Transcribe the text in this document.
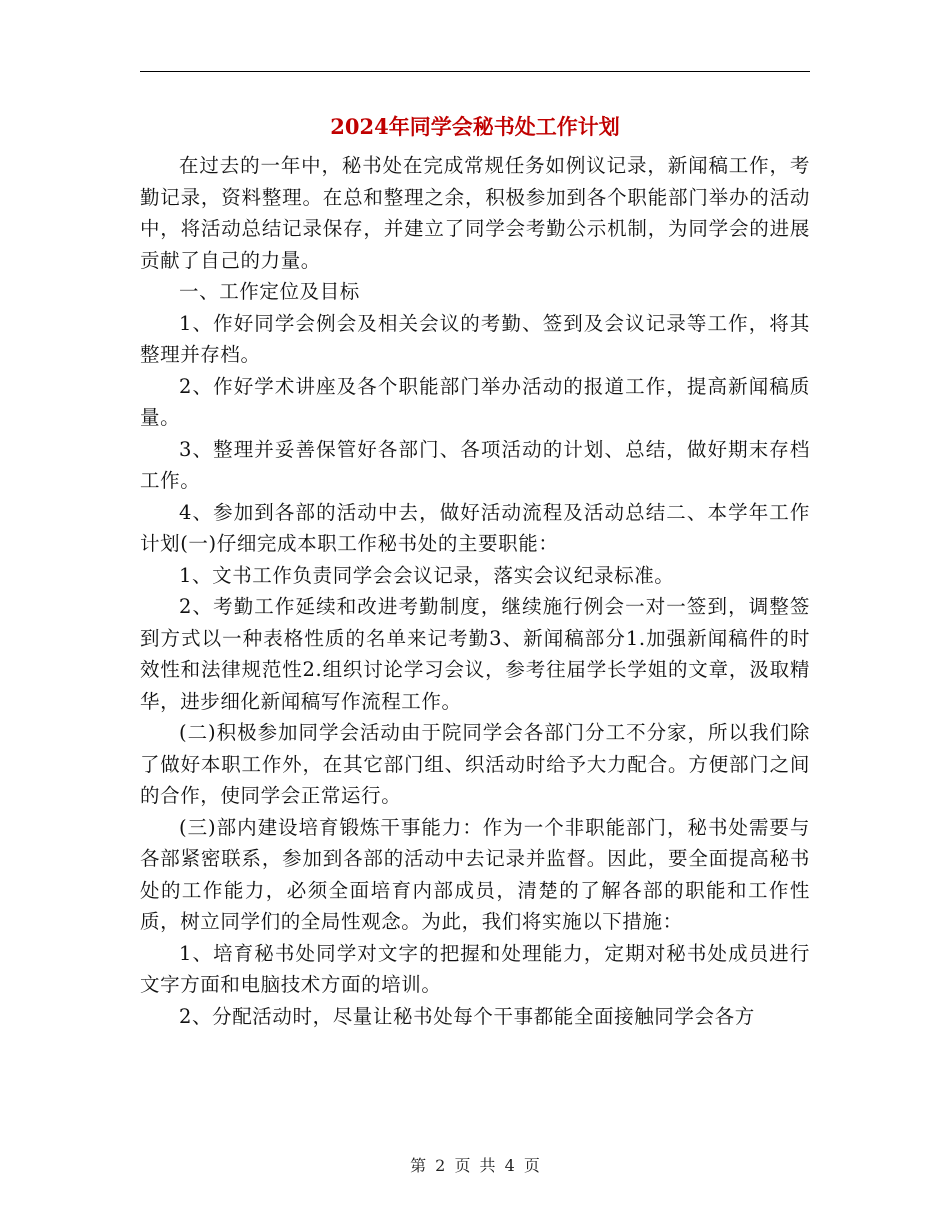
2024年同学会秘书处工作计划

在过去的一年中，秘书处在完成常规任务如例议记录，新闻稿工作，考勤记录，资料整理。在总和整理之余，积极参加到各个职能部门举办的活动中，将活动总结记录保存，并建立了同学会考勤公示机制，为同学会的进展贡献了自己的力量。

一、工作定位及目标

1、作好同学会例会及相关会议的考勤、签到及会议记录等工作，将其整理并存档。

2、作好学术讲座及各个职能部门举办活动的报道工作，提高新闻稿质量。

3、整理并妥善保管好各部门、各项活动的计划、总结，做好期末存档工作。

4、参加到各部的活动中去，做好活动流程及活动总结二、本学年工作计划(一)仔细完成本职工作秘书处的主要职能：

1、文书工作负责同学会会议记录，落实会议纪录标准。

2、考勤工作延续和改进考勤制度，继续施行例会一对一签到，调整签到方式以一种表格性质的名单来记考勤3、新闻稿部分1.加强新闻稿件的时效性和法律规范性2.组织讨论学习会议，参考往届学长学姐的文章，汲取精华，进步细化新闻稿写作流程工作。

(二)积极参加同学会活动由于院同学会各部门分工不分家，所以我们除了做好本职工作外，在其它部门组、织活动时给予大力配合。方便部门之间的合作，使同学会正常运行。

(三)部内建设培育锻炼干事能力：作为一个非职能部门，秘书处需要与各部紧密联系，参加到各部的活动中去记录并监督。因此，要全面提高秘书处的工作能力，必须全面培育内部成员，清楚的了解各部的职能和工作性质，树立同学们的全局性观念。为此，我们将实施以下措施：

1、培育秘书处同学对文字的把握和处理能力，定期对秘书处成员进行文字方面和电脑技术方面的培训。

2、分配活动时，尽量让秘书处每个干事都能全面接触同学会各方

第 2 页 共 4 页
